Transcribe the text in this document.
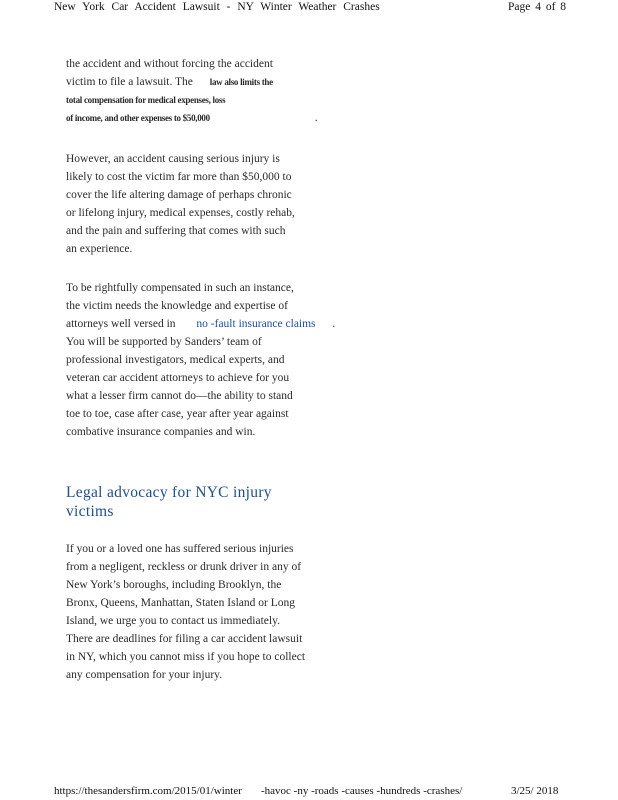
New York Car Accident Lawsuit - NY Winter Weather Crashes	Page 4 of 8
the accident and without forcing the accident
victim to file a lawsuit. The law also limits the
total compensation for medical expenses, loss
of income, and other expenses to $50,000	.
However, an accident causing serious injury is
likely to cost the victim far more than $50,000 to
cover the life altering damage of perhaps chronic
or lifelong injury, medical expenses, costly rehab,
and the pain and suffering that comes with such
an experience.
To be rightfully compensated in such an instance,
the victim needs the knowledge and expertise of
attorneys well versed in no -fault insurance claims .
You will be supported by Sanders’ team of
professional investigators, medical experts, and
veteran car accident attorneys to achieve for you
what a lesser firm cannot do—the ability to stand
toe to toe, case after case, year after year against
combative insurance companies and win.
Legal advocacy for NYC injury
victims
If you or a loved one has suffered serious injuries
from a negligent, reckless or drunk driver in any of
New York’s boroughs, including Brooklyn, the
Bronx, Queens, Manhattan, Staten Island or Long
Island, we urge you to contact us immediately.
There are deadlines for filing a car accident lawsuit
in NY, which you cannot miss if you hope to collect
any compensation for your injury.
https://thesandersfirm.com/2015/01/winter -havoc -ny -roads -causes -hundreds -crashes/	3/25/ 2018
